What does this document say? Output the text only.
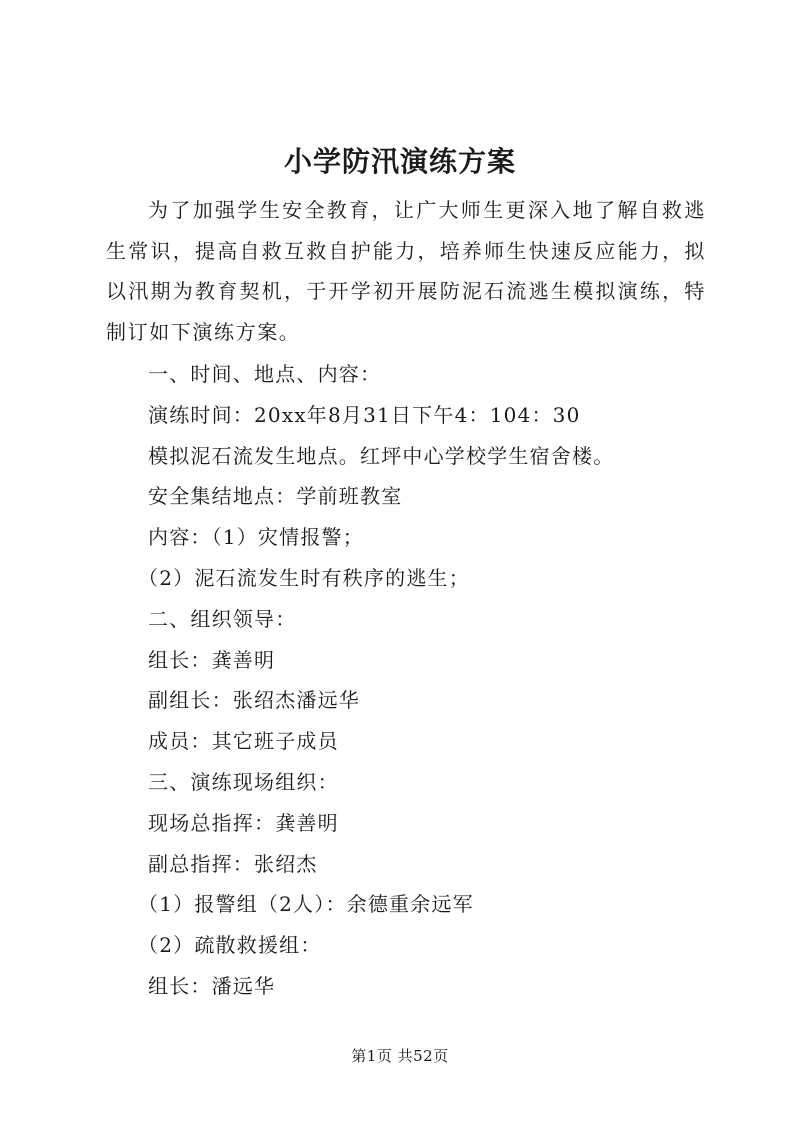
小学防汛演练方案
为了加强学生安全教育，让广大师生更深入地了解自救逃生常识，提高自救互救自护能力，培养师生快速反应能力，拟以汛期为教育契机，于开学初开展防泥石流逃生模拟演练，特制订如下演练方案。
一、时间、地点、内容：
演练时间：20xx年8月31日下午4：104：30
模拟泥石流发生地点。红坪中心学校学生宿舍楼。
安全集结地点：学前班教室
内容：（1）灾情报警；
（2）泥石流发生时有秩序的逃生；
二、组织领导：
组长：龚善明
副组长：张绍杰潘远华
成员：其它班子成员
三、演练现场组织：
现场总指挥：龚善明
副总指挥：张绍杰
（1）报警组（2人）：余德重余远军
（2）疏散救援组：
组长：潘远华
第1页 共52页
